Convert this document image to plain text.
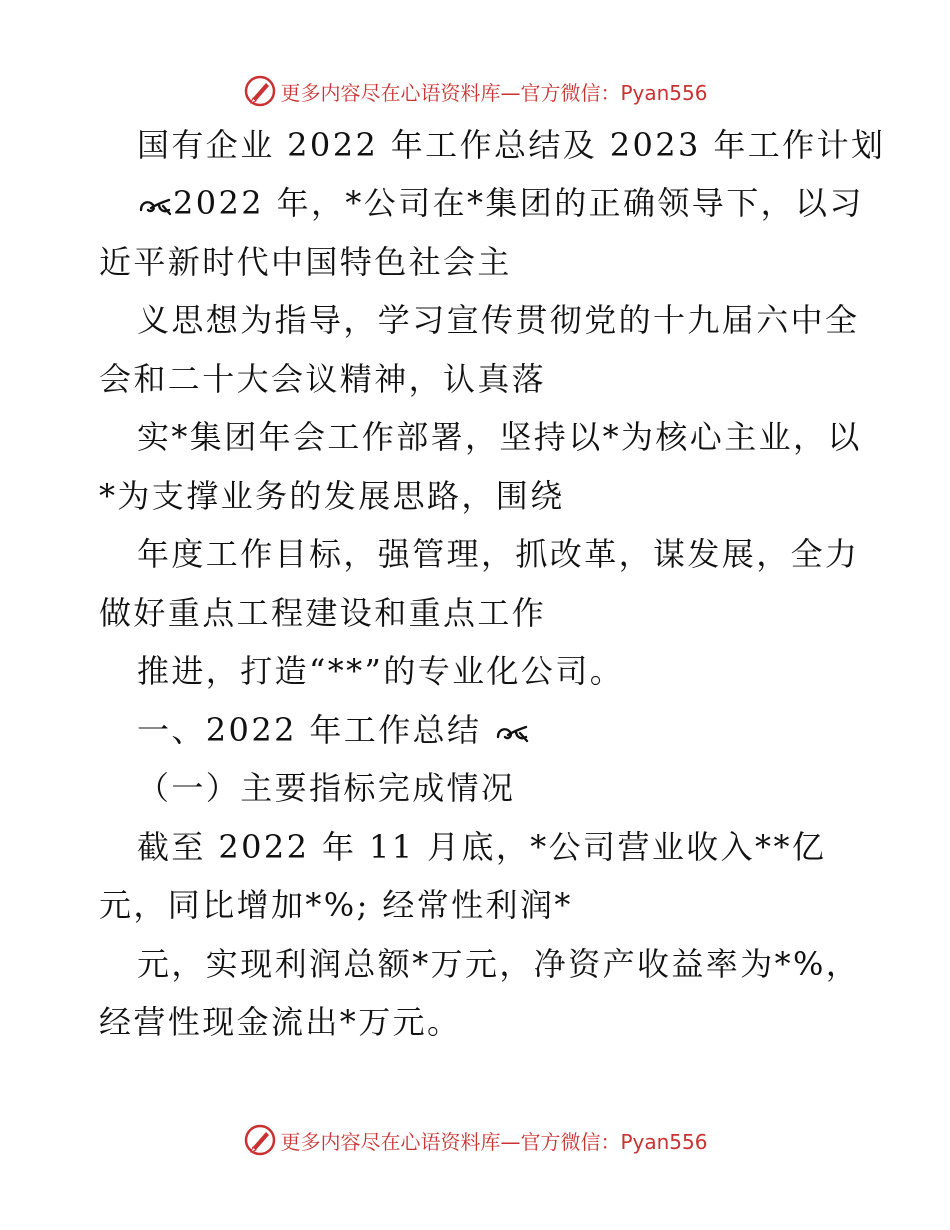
更多内容尽在心语资料库—官方微信：Pyan556
国有企业 2022 年工作总结及 2023 年工作计划
2022 年，*公司在*集团的正确领导下，以习
近平新时代中国特色社会主
义思想为指导，学习宣传贯彻党的十九届六中全
会和二十大会议精神，认真落
实*集团年会工作部署，坚持以*为核心主业，以
*为支撑业务的发展思路，围绕
年度工作目标，强管理，抓改革，谋发展，全力
做好重点工程建设和重点工作
推进，打造“**”的专业化公司。
一、2022 年工作总结
（一）主要指标完成情况
截至 2022 年 11 月底，*公司营业收入**亿
元，同比增加*%; 经常性利润*
元，实现利润总额*万元，净资产收益率为*%，
经营性现金流出*万元。
更多内容尽在心语资料库—官方微信：Pyan556
